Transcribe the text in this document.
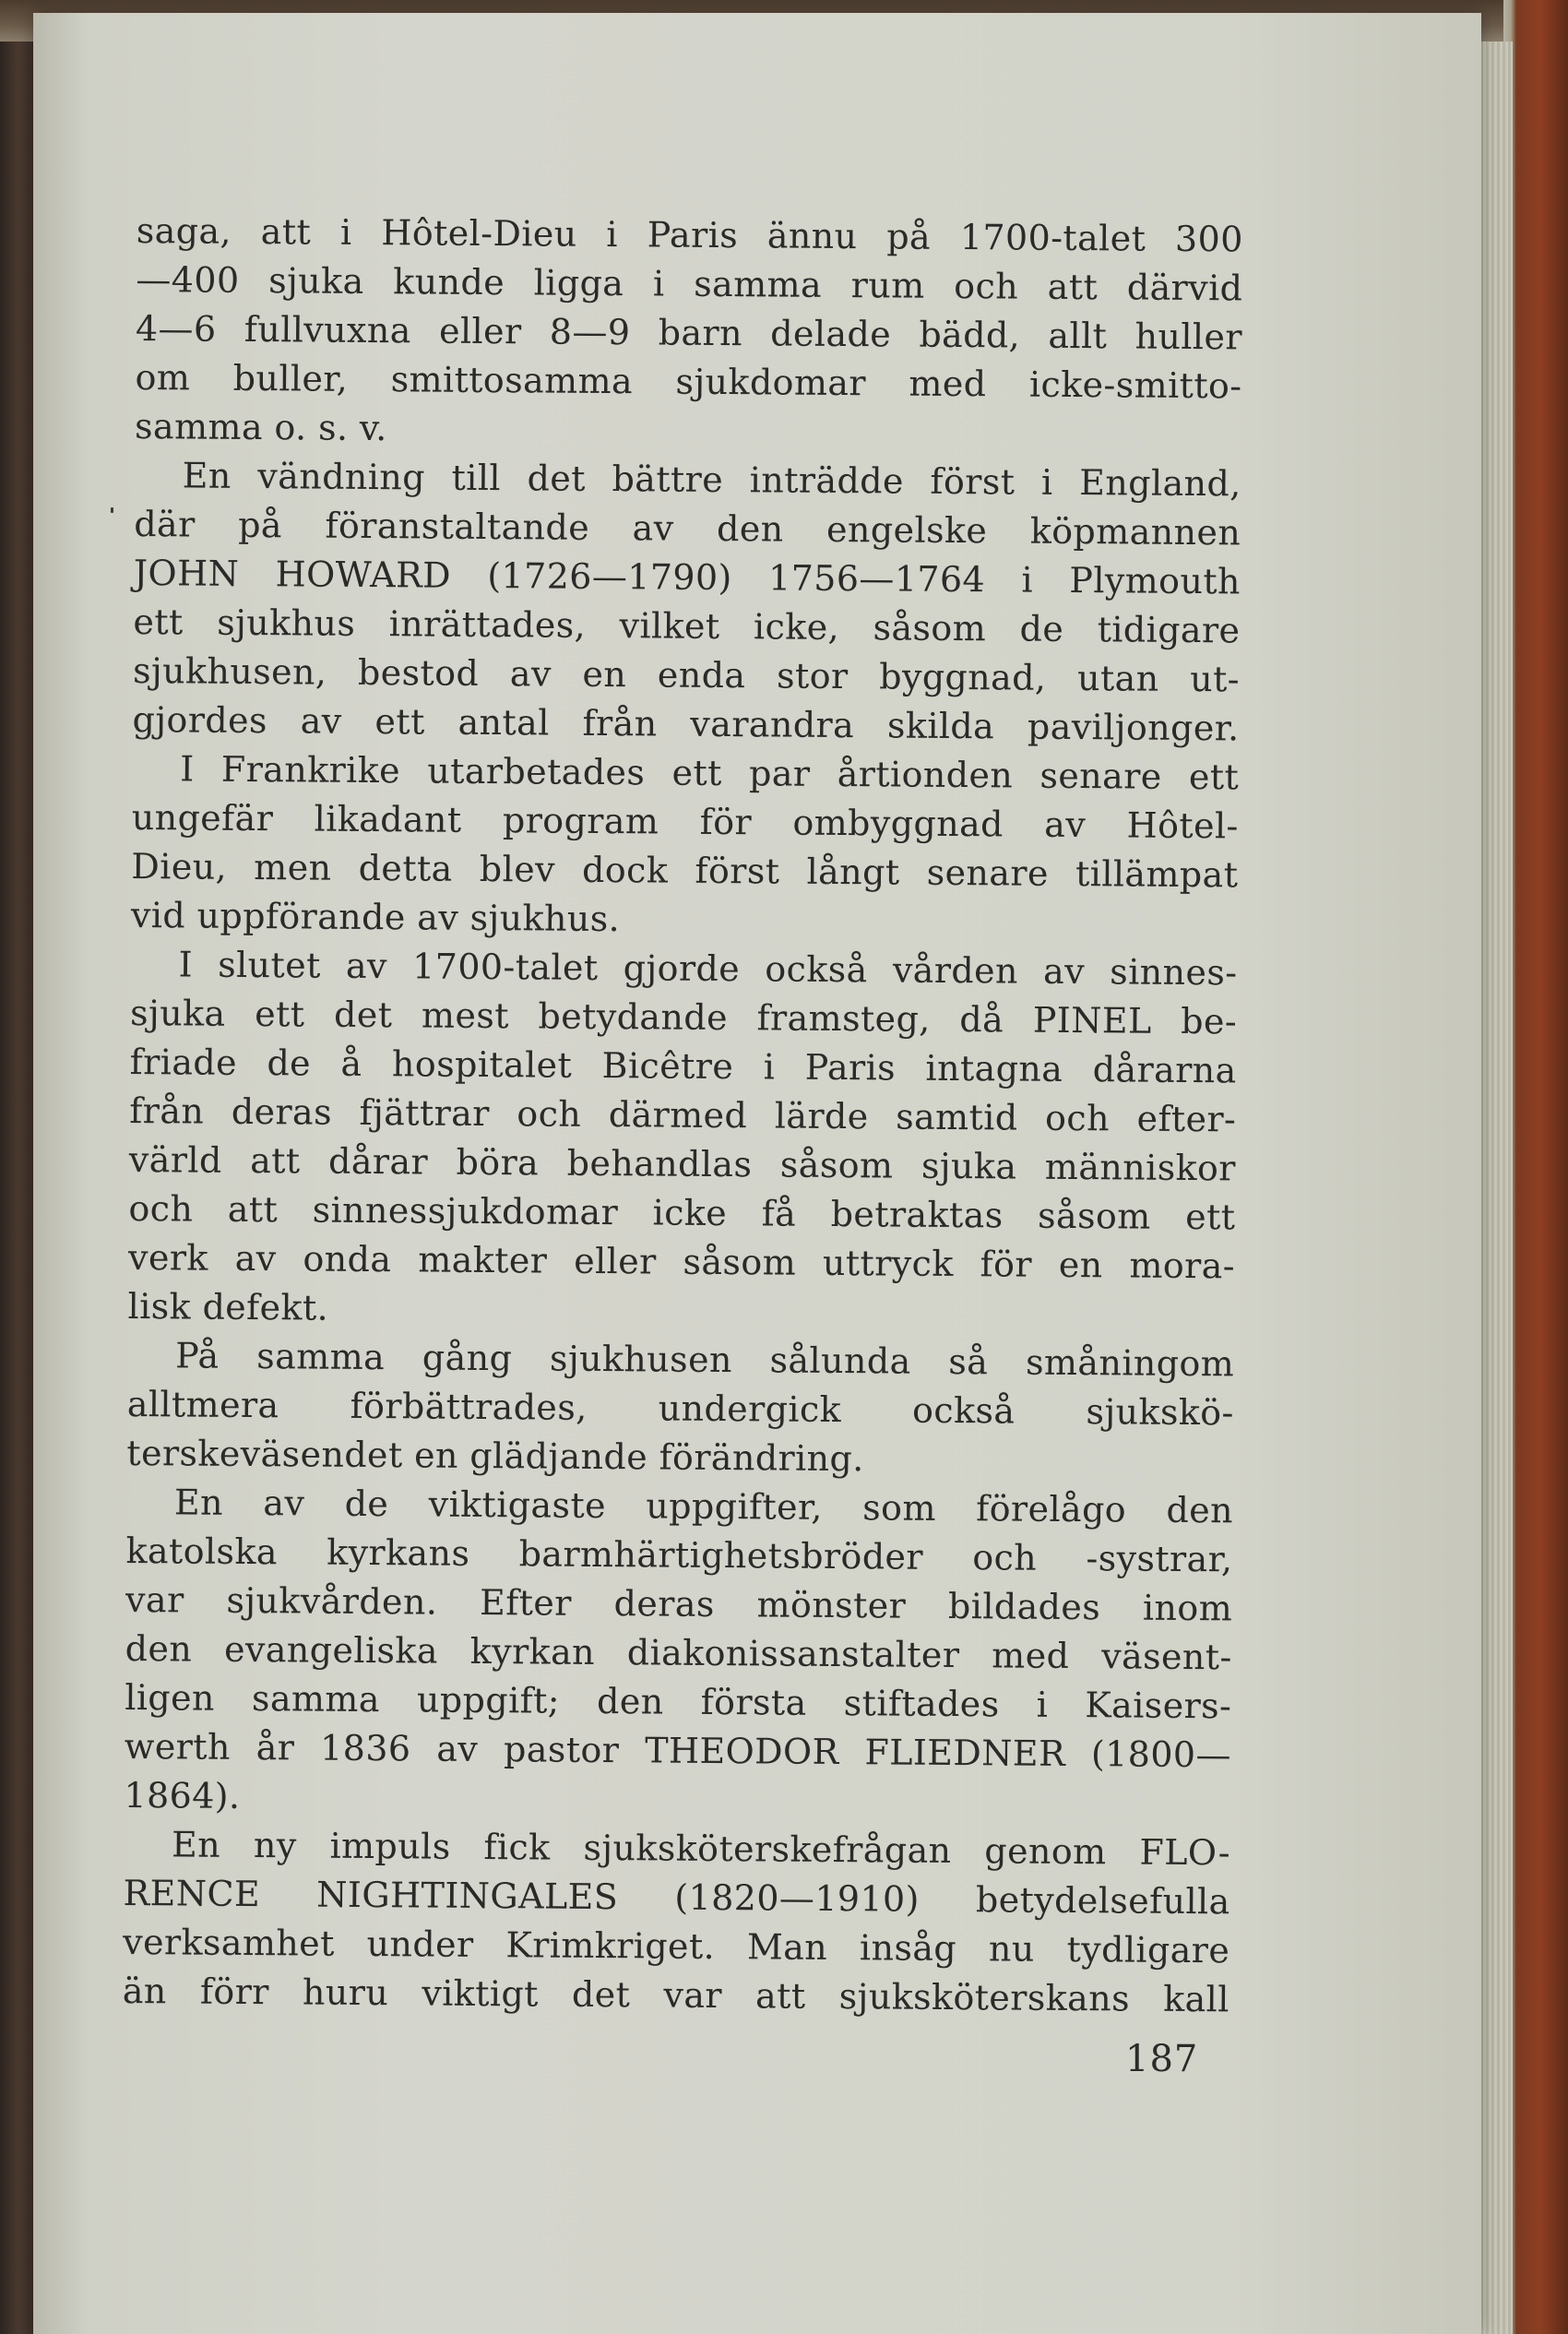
saga, att i Hôtel-Dieu i Paris ännu på 1700-talet 300
—400 sjuka kunde ligga i samma rum och att därvid
4—6 fullvuxna eller 8—9 barn delade bädd, allt huller
om buller, smittosamma sjukdomar med icke-smitto-
samma o. s. v.
En vändning till det bättre inträdde först i England,
där på föranstaltande av den engelske köpmannen
JOHN HOWARD (1726—1790) 1756—1764 i Plymouth
ett sjukhus inrättades, vilket icke, såsom de tidigare
sjukhusen, bestod av en enda stor byggnad, utan ut-
gjordes av ett antal från varandra skilda paviljonger.
I Frankrike utarbetades ett par årtionden senare ett
ungefär likadant program för ombyggnad av Hôtel-
Dieu, men detta blev dock först långt senare tillämpat
vid uppförande av sjukhus.
I slutet av 1700-talet gjorde också vården av sinnes-
sjuka ett det mest betydande framsteg, då PINEL be-
friade de å hospitalet Bicêtre i Paris intagna dårarna
från deras fjättrar och därmed lärde samtid och efter-
värld att dårar böra behandlas såsom sjuka människor
och att sinnessjukdomar icke få betraktas såsom ett
verk av onda makter eller såsom uttryck för en mora-
lisk defekt.
På samma gång sjukhusen sålunda så småningom
alltmera förbättrades, undergick också sjukskö-
terskeväsendet en glädjande förändring.
En av de viktigaste uppgifter, som förelågo den
katolska kyrkans barmhärtighetsbröder och -systrar,
var sjukvården. Efter deras mönster bildades inom
den evangeliska kyrkan diakonissanstalter med väsent-
ligen samma uppgift; den första stiftades i Kaisers-
werth år 1836 av pastor THEODOR FLIEDNER (1800—
1864).
En ny impuls fick sjuksköterskefrågan genom FLO-
RENCE NIGHTINGALES (1820—1910) betydelsefulla
verksamhet under Krimkriget. Man insåg nu tydligare
än förr huru viktigt det var att sjuksköterskans kall
187
